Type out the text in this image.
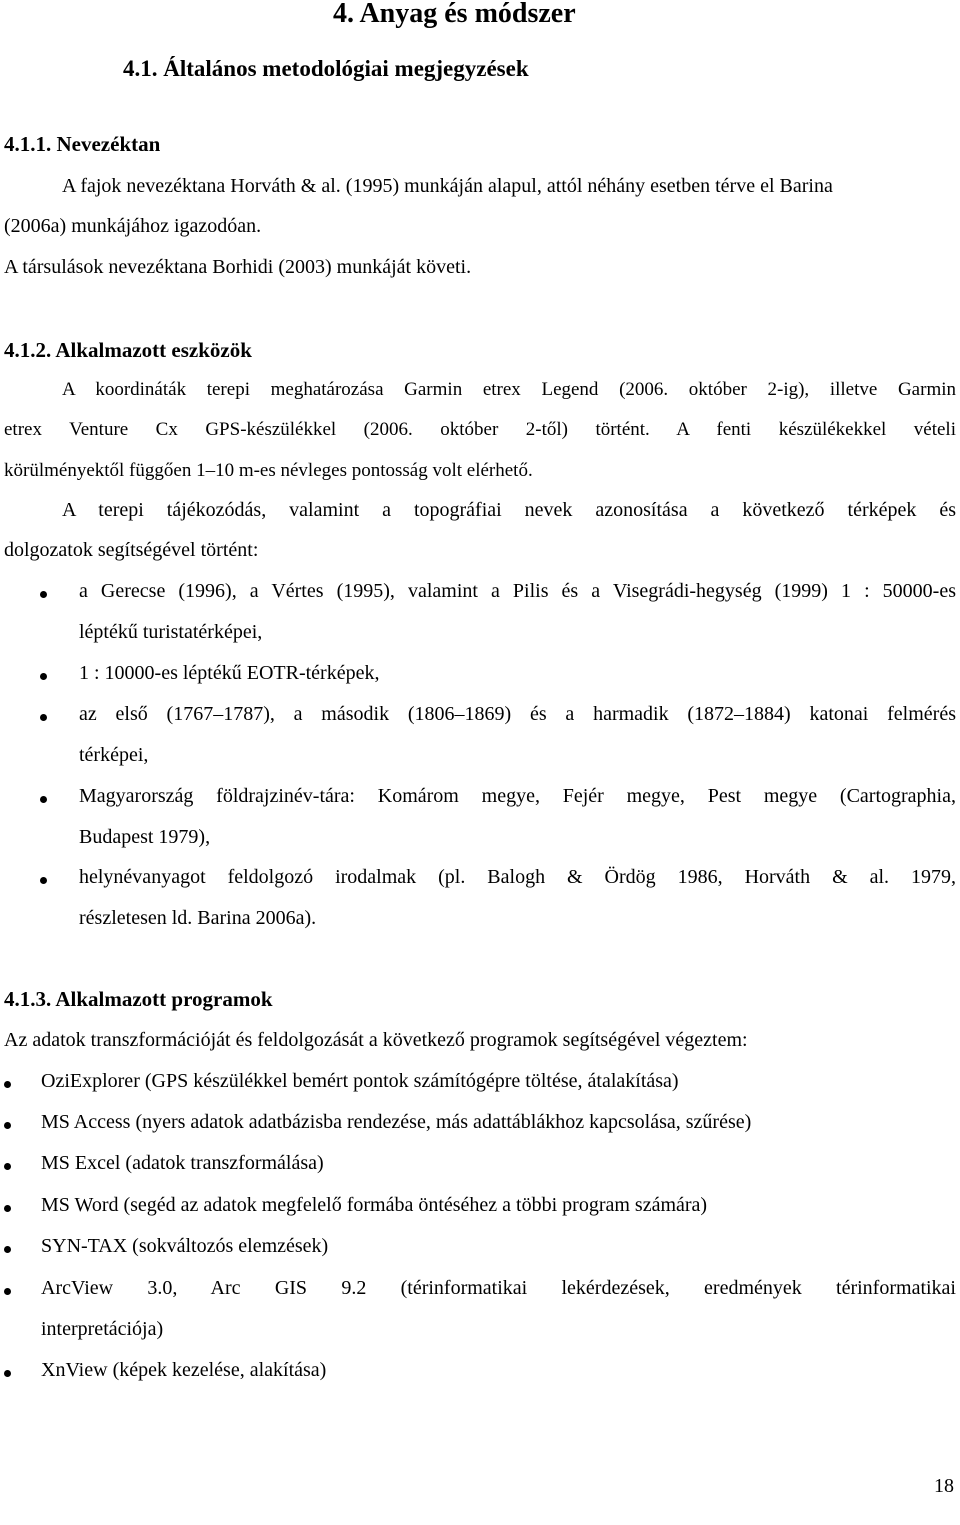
4. Anyag és módszer
4.1. Általános metodológiai megjegyzések
4.1.1. Nevezéktan
A fajok nevezéktana Horváth & al. (1995) munkáján alapul, attól néhány esetben térve el Barina
(2006a) munkájához igazodóan.
A társulások nevezéktana Borhidi (2003) munkáját követi.
4.1.2. Alkalmazott eszközök
A koordináták terepi meghatározása Garmin etrex Legend (2006. október 2-ig), illetve Garmin
etrex Venture Cx GPS-készülékkel (2006. október 2-től) történt. A fenti készülékekkel vételi
körülményektől függően 1–10 m-es névleges pontosság volt elérhető.
A terepi tájékozódás, valamint a topográfiai nevek azonosítása a következő térképek és
dolgozatok segítségével történt:
a Gerecse (1996), a Vértes (1995), valamint a Pilis és a Visegrádi-hegység (1999) 1 : 50000-es
léptékű turistatérképei,
1 : 10000-es léptékű EOTR-térképek,
az első (1767–1787), a második (1806–1869) és a harmadik (1872–1884) katonai felmérés
térképei,
Magyarország földrajzinév-tára: Komárom megye, Fejér megye, Pest megye (Cartographia,
Budapest 1979),
helynévanyagot feldolgozó irodalmak (pl. Balogh & Ördög 1986, Horváth & al. 1979,
részletesen ld. Barina 2006a).
4.1.3. Alkalmazott programok
Az adatok transzformációját és feldolgozását a következő programok segítségével végeztem:
OziExplorer (GPS készülékkel bemért pontok számítógépre töltése, átalakítása)
MS Access (nyers adatok adatbázisba rendezése, más adattáblákhoz kapcsolása, szűrése)
MS Excel (adatok transzformálása)
MS Word (segéd az adatok megfelelő formába öntéséhez a többi program számára)
SYN-TAX (sokváltozós elemzések)
ArcView 3.0, Arc GIS 9.2 (térinformatikai lekérdezések, eredmények térinformatikai
interpretációja)
XnView (képek kezelése, alakítása)
18
